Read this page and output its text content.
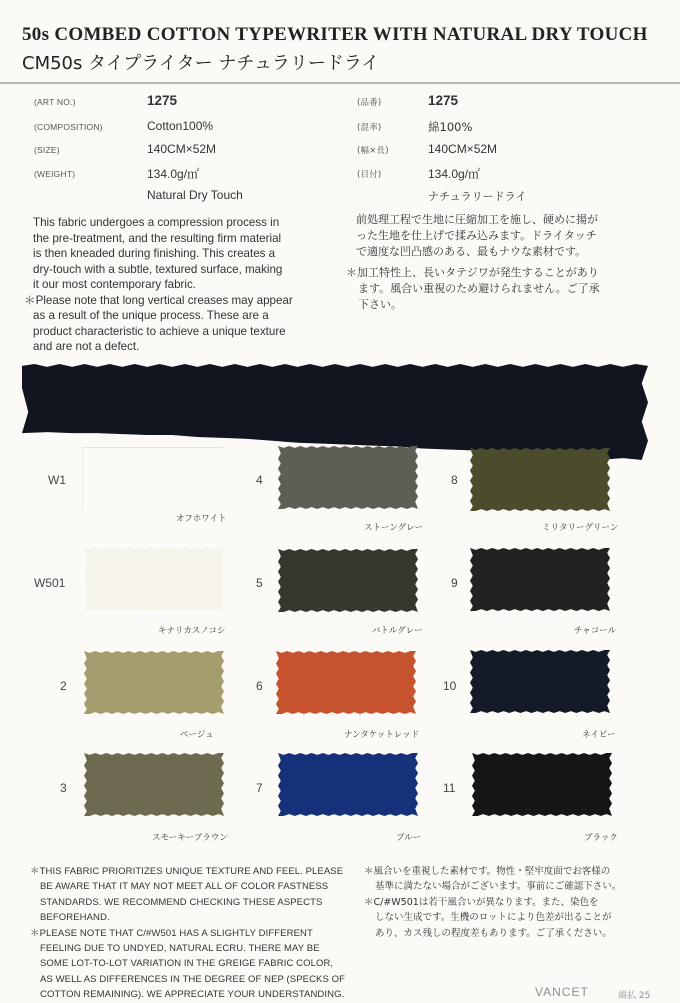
50s COMBED COTTON TYPEWRITER WITH NATURAL DRY TOUCH
CM50s タイプライター ナチュラリードライ
(ART NO.)	1275
(COMPOSITION)	Cotton100%
(SIZE)	140CM×52M
(WEIGHT)	134.0g/㎡
Natural Dry Touch
(品番)	1275
(混率)	綿100%
(幅×長)	140CM×52M
(目付)	134.0g/㎡
ナチュラリードライ
This fabric undergoes a compression process in
the pre-treatment, and the resulting firm material
is then kneaded during finishing. This creates a
dry-touch with a subtle, textured surface, making
it our most contemporary fabric.
＊Please note that long vertical creases may appear
as a result of the unique process. These are a
product characteristic to achieve a unique texture
and are not a defect.
前処理工程で生地に圧縮加工を施し、硬めに揚が
った生地を仕上げで揉み込みます。ドライタッチ
で適度な凹凸感のある、最もナウな素材です。
＊加工特性上、長いタテジワが発生することがあり
ます。風合い重視のため避けられません。ご了承
下さい。
W1
オフホワイト
4
ストーングレー
8
ミリタリーグリーン
W501
キナリカスノコシ
5
バトルグレー
9
チャコール
2
ベージュ
6
ナンタケットレッド
10
ネイビー
3
スモーキーブラウン
7
ブルー
11
ブラック
＊THIS FABRIC PRIORITIZES UNIQUE TEXTURE AND FEEL. PLEASE
BE AWARE THAT IT MAY NOT MEET ALL OF COLOR FASTNESS
STANDARDS. WE RECOMMEND CHECKING THESE ASPECTS
BEFOREHAND.
＊PLEASE NOTE THAT C/#W501 HAS A SLIGHTLY DIFFERENT
FEELING DUE TO UNDYED, NATURAL ECRU. THERE MAY BE
SOME LOT-TO-LOT VARIATION IN THE GREIGE FABRIC COLOR,
AS WELL AS DIFFERENCES IN THE DEGREE OF NEP (SPECKS OF
COTTON REMAINING). WE APPRECIATE YOUR UNDERSTANDING.
＊風合いを重視した素材です。物性・堅牢度面でお客様の
基準に満たない場合がございます。事前にご確認下さい。
＊C/#W501は若干風合いが異なります。また、染色を
しない生成です。生機のロットにより色差が出ることが
あり、カス残しの程度差もあります。ご了承ください。
VANCET	綿払 25
